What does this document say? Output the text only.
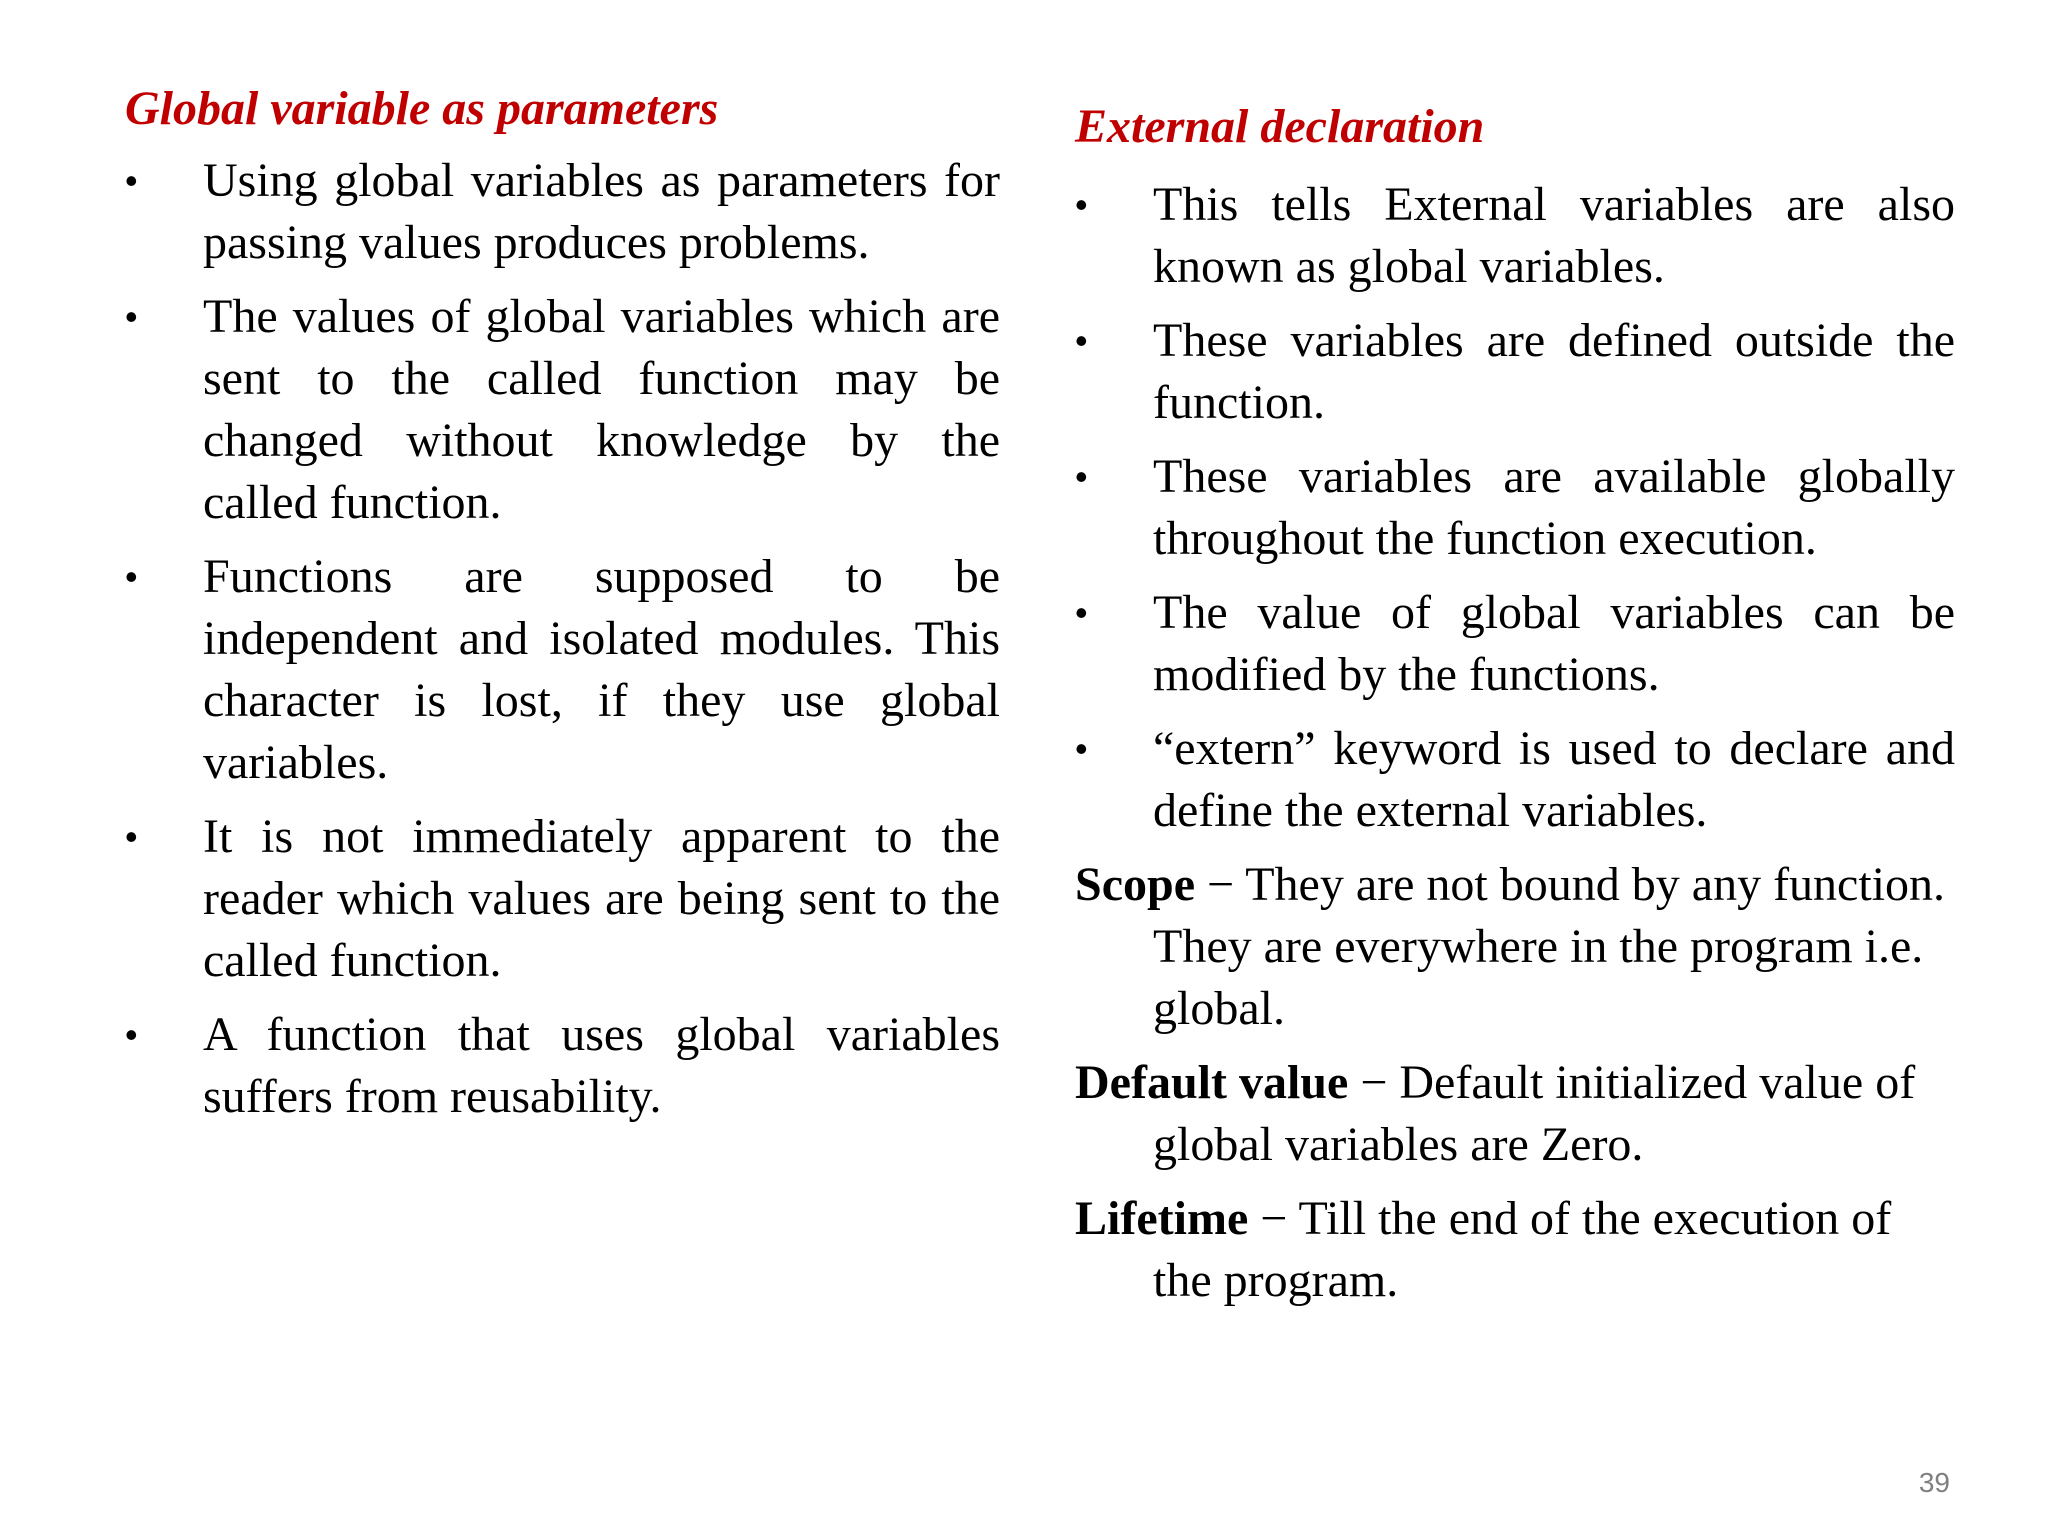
Global variable as parameters
• Using global variables as parameters for passing values produces problems.
• The values of global variables which are sent to the called function may be changed without knowledge by the called function.
• Functions are supposed to be independent and isolated modules. This character is lost, if they use global variables.
• It is not immediately apparent to the reader which values are being sent to the called function.
• A function that uses global variables suffers from reusability.
External declaration
• This tells External variables are also known as global variables.
• These variables are defined outside the function.
• These variables are available globally throughout the function execution.
• The value of global variables can be modified by the functions.
• “extern” keyword is used to declare and define the external variables.
Scope − They are not bound by any function. They are everywhere in the program i.e. global.
Default value − Default initialized value of global variables are Zero.
Lifetime − Till the end of the execution of the program.
39
